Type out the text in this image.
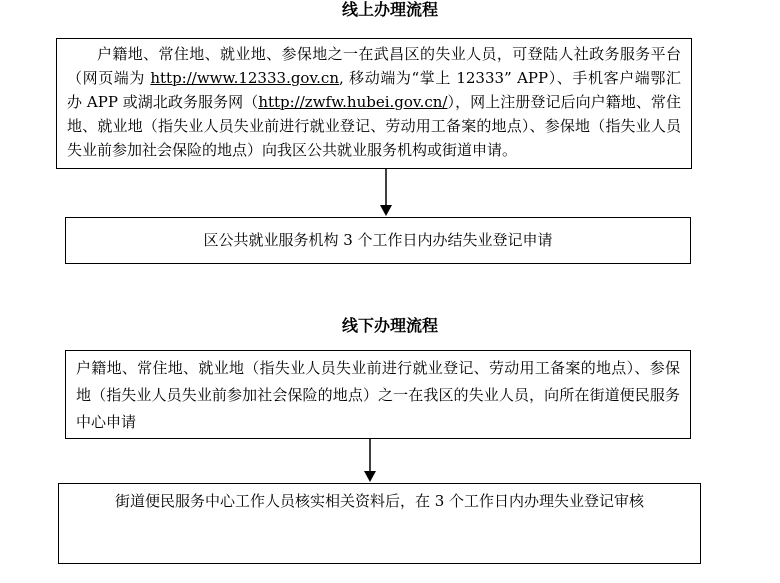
线上办理流程

户籍地、常住地、就业地、参保地之一在武昌区的失业人员，可登陆人社政务服务平台（网页端为 http://www.12333.gov.cn, 移动端为“掌上 12333” APP）、手机客户端鄂汇办 APP 或湖北政务服务网（http://zwfw.hubei.gov.cn/），网上注册登记后向户籍地、常住地、就业地（指失业人员失业前进行就业登记、劳动用工备案的地点）、参保地（指失业人员失业前参加社会保险的地点）向我区公共就业服务机构或街道申请。

区公共就业服务机构 3 个工作日内办结失业登记申请
线下办理流程

户籍地、常住地、就业地（指失业人员失业前进行就业登记、劳动用工备案的地点）、参保地（指失业人员失业前参加社会保险的地点）之一在我区的失业人员，向所在街道便民服务中心申请

街道便民服务中心工作人员核实相关资料后，在 3 个工作日内办理失业登记审核
